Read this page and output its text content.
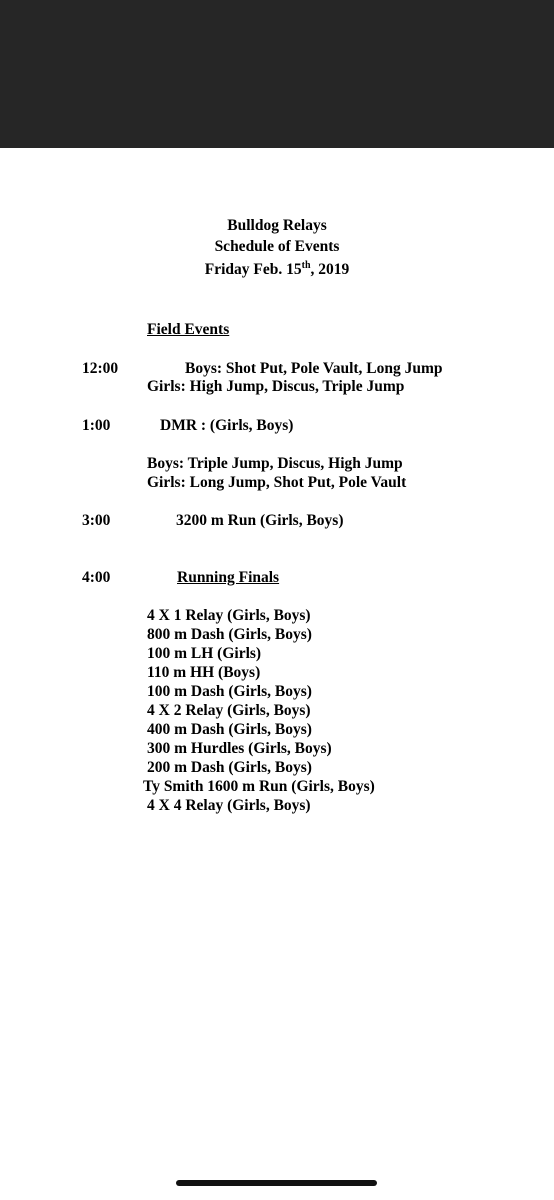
Bulldog Relays
Schedule of Events
Friday Feb. 15th, 2019
Field Events
12:00	Boys: Shot Put, Pole Vault, Long Jump
Girls: High Jump, Discus, Triple Jump
1:00	DMR : (Girls, Boys)
Boys: Triple Jump, Discus, High Jump
Girls: Long Jump, Shot Put, Pole Vault
3:00	3200 m Run (Girls, Boys)
4:00	Running Finals
4 X 1 Relay (Girls, Boys)
800 m Dash (Girls, Boys)
100 m LH (Girls)
110 m HH (Boys)
100 m Dash (Girls, Boys)
4 X 2 Relay (Girls, Boys)
400 m Dash (Girls, Boys)
300 m Hurdles (Girls, Boys)
200 m Dash (Girls, Boys)
Ty Smith 1600 m Run (Girls, Boys)
4 X 4 Relay (Girls, Boys)
